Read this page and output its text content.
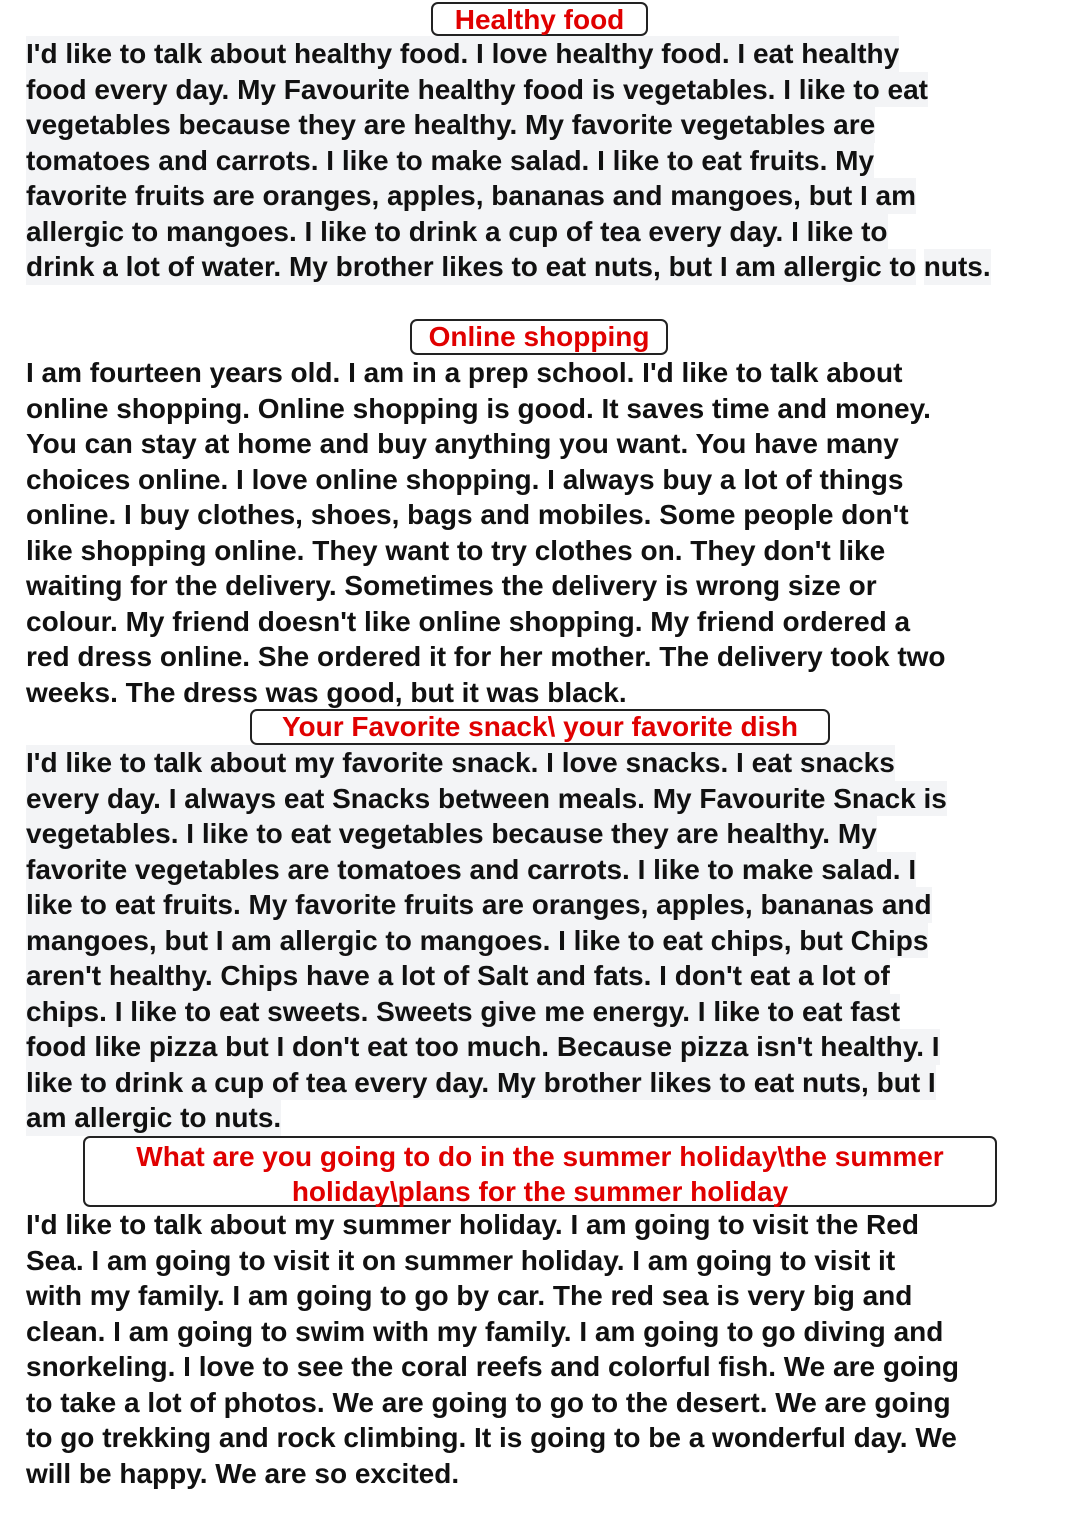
Healthy food
I'd like to talk about healthy food. I love healthy food. I eat healthy food every day. My Favourite healthy food is vegetables. I like to eat vegetables because they are healthy. My favorite vegetables are tomatoes and carrots. I like to make salad. I like to eat fruits. My favorite fruits are oranges, apples, bananas and mangoes, but I am allergic to mangoes. I like to drink a cup of tea every day. I like to drink a lot of water. My brother likes to eat nuts, but I am allergic to nuts.
Online shopping
I am fourteen years old. I am in a prep school. I'd like to talk about
online shopping. Online shopping is good. It saves time and money.
You can stay at home and buy anything you want. You have many
choices online. I love online shopping. I always buy a lot of things
online. I buy clothes, shoes, bags and mobiles. Some people don't
like shopping online. They want to try clothes on. They don't like
waiting for the delivery. Sometimes the delivery is wrong size or
colour. My friend doesn't like online shopping. My friend ordered a
red dress online. She ordered it for her mother. The delivery took two
weeks. The dress was good, but it was black.
Your Favorite snack\ your favorite dish
I'd like to talk about my favorite snack. I love snacks. I eat snacks every day. I always eat Snacks between meals. My Favourite Snack is vegetables. I like to eat vegetables because they are healthy. My favorite vegetables are tomatoes and carrots. I like to make salad. I like to eat fruits. My favorite fruits are oranges, apples, bananas and mangoes, but I am allergic to mangoes. I like to eat chips, but Chips aren't healthy. Chips have a lot of Salt and fats. I don't eat a lot of chips. I like to eat sweets. Sweets give me energy. I like to eat fast food like pizza but I don't eat too much. Because pizza isn't healthy. I like to drink a cup of tea every day. My brother likes to eat nuts, but I am allergic to nuts.
What are you going to do in the summer holiday\the summer
holiday\plans for the summer holiday
I'd like to talk about my summer holiday. I am going to visit the Red
Sea. I am going to visit it on summer holiday. I am going to visit it
with my family. I am going to go by car. The red sea is very big and
clean. I am going to swim with my family. I am going to go diving and
snorkeling. I love to see the coral reefs and colorful fish. We are going
to take a lot of photos. We are going to go to the desert. We are going
to go trekking and rock climbing. It is going to be a wonderful day. We
will be happy. We are so excited.
